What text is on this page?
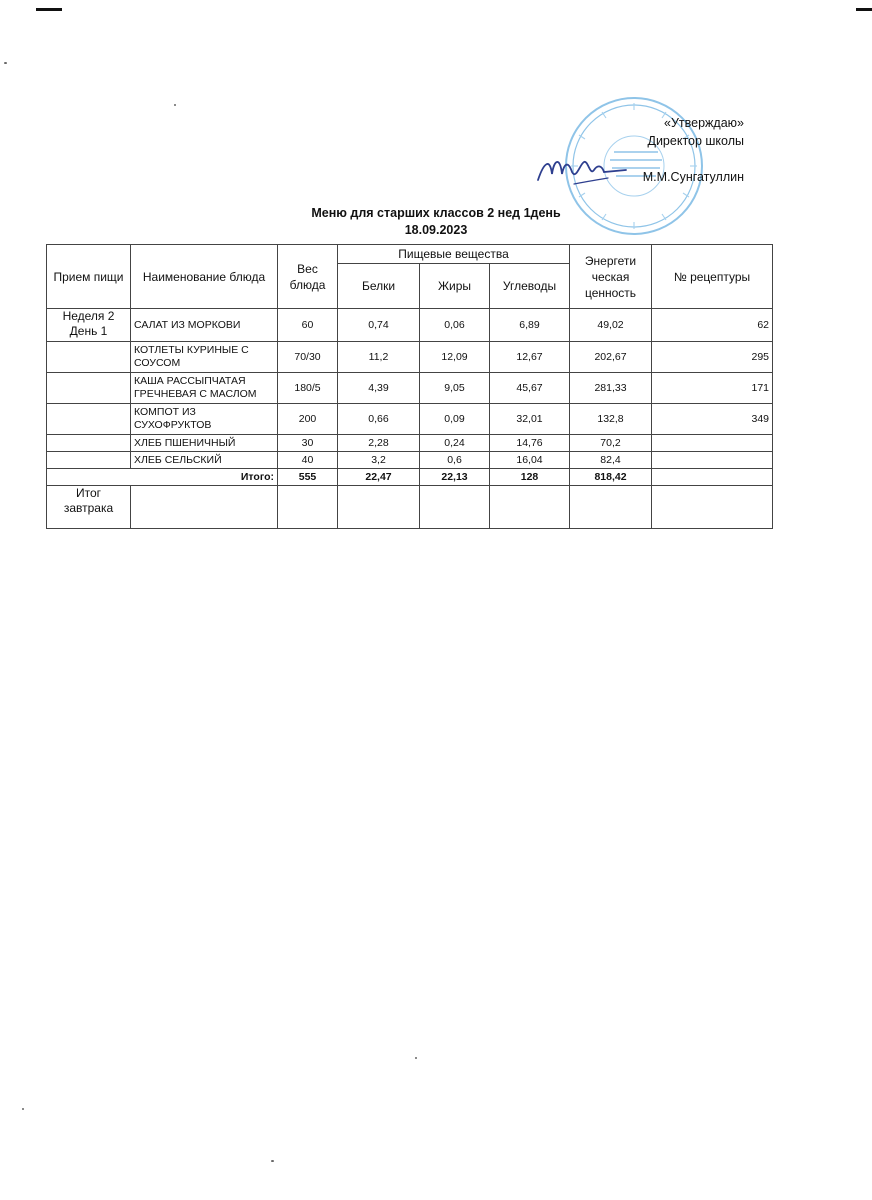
«Утверждаю»
Директор школы
М.М.Сунгатуллин
Меню для старших классов 2 нед 1день
18.09.2023
Прием пищи	Наименование блюда	Вес блюда	Пищевые вещества			Энергети ческая ценность	№ рецептуры
			Белки	Жиры	Углеводы		
Неделя 2 День 1	САЛАТ ИЗ МОРКОВИ	60	0,74	0,06	6,89	49,02	62
	КОТЛЕТЫ КУРИНЫЕ С СОУСОМ	70/30	11,2	12,09	12,67	202,67	295
	КАША РАССЫПЧАТАЯ ГРЕЧНЕВАЯ С МАСЛОМ	180/5	4,39	9,05	45,67	281,33	171
	КОМПОТ ИЗ СУХОФРУКТОВ	200	0,66	0,09	32,01	132,8	349
	ХЛЕБ ПШЕНИЧНЫЙ	30	2,28	0,24	14,76	70,2	
	ХЛЕБ СЕЛЬСКИЙ	40	3,2	0,6	16,04	82,4	
Итого:		555	22,47	22,13	128	818,42	
Итог завтрака							
